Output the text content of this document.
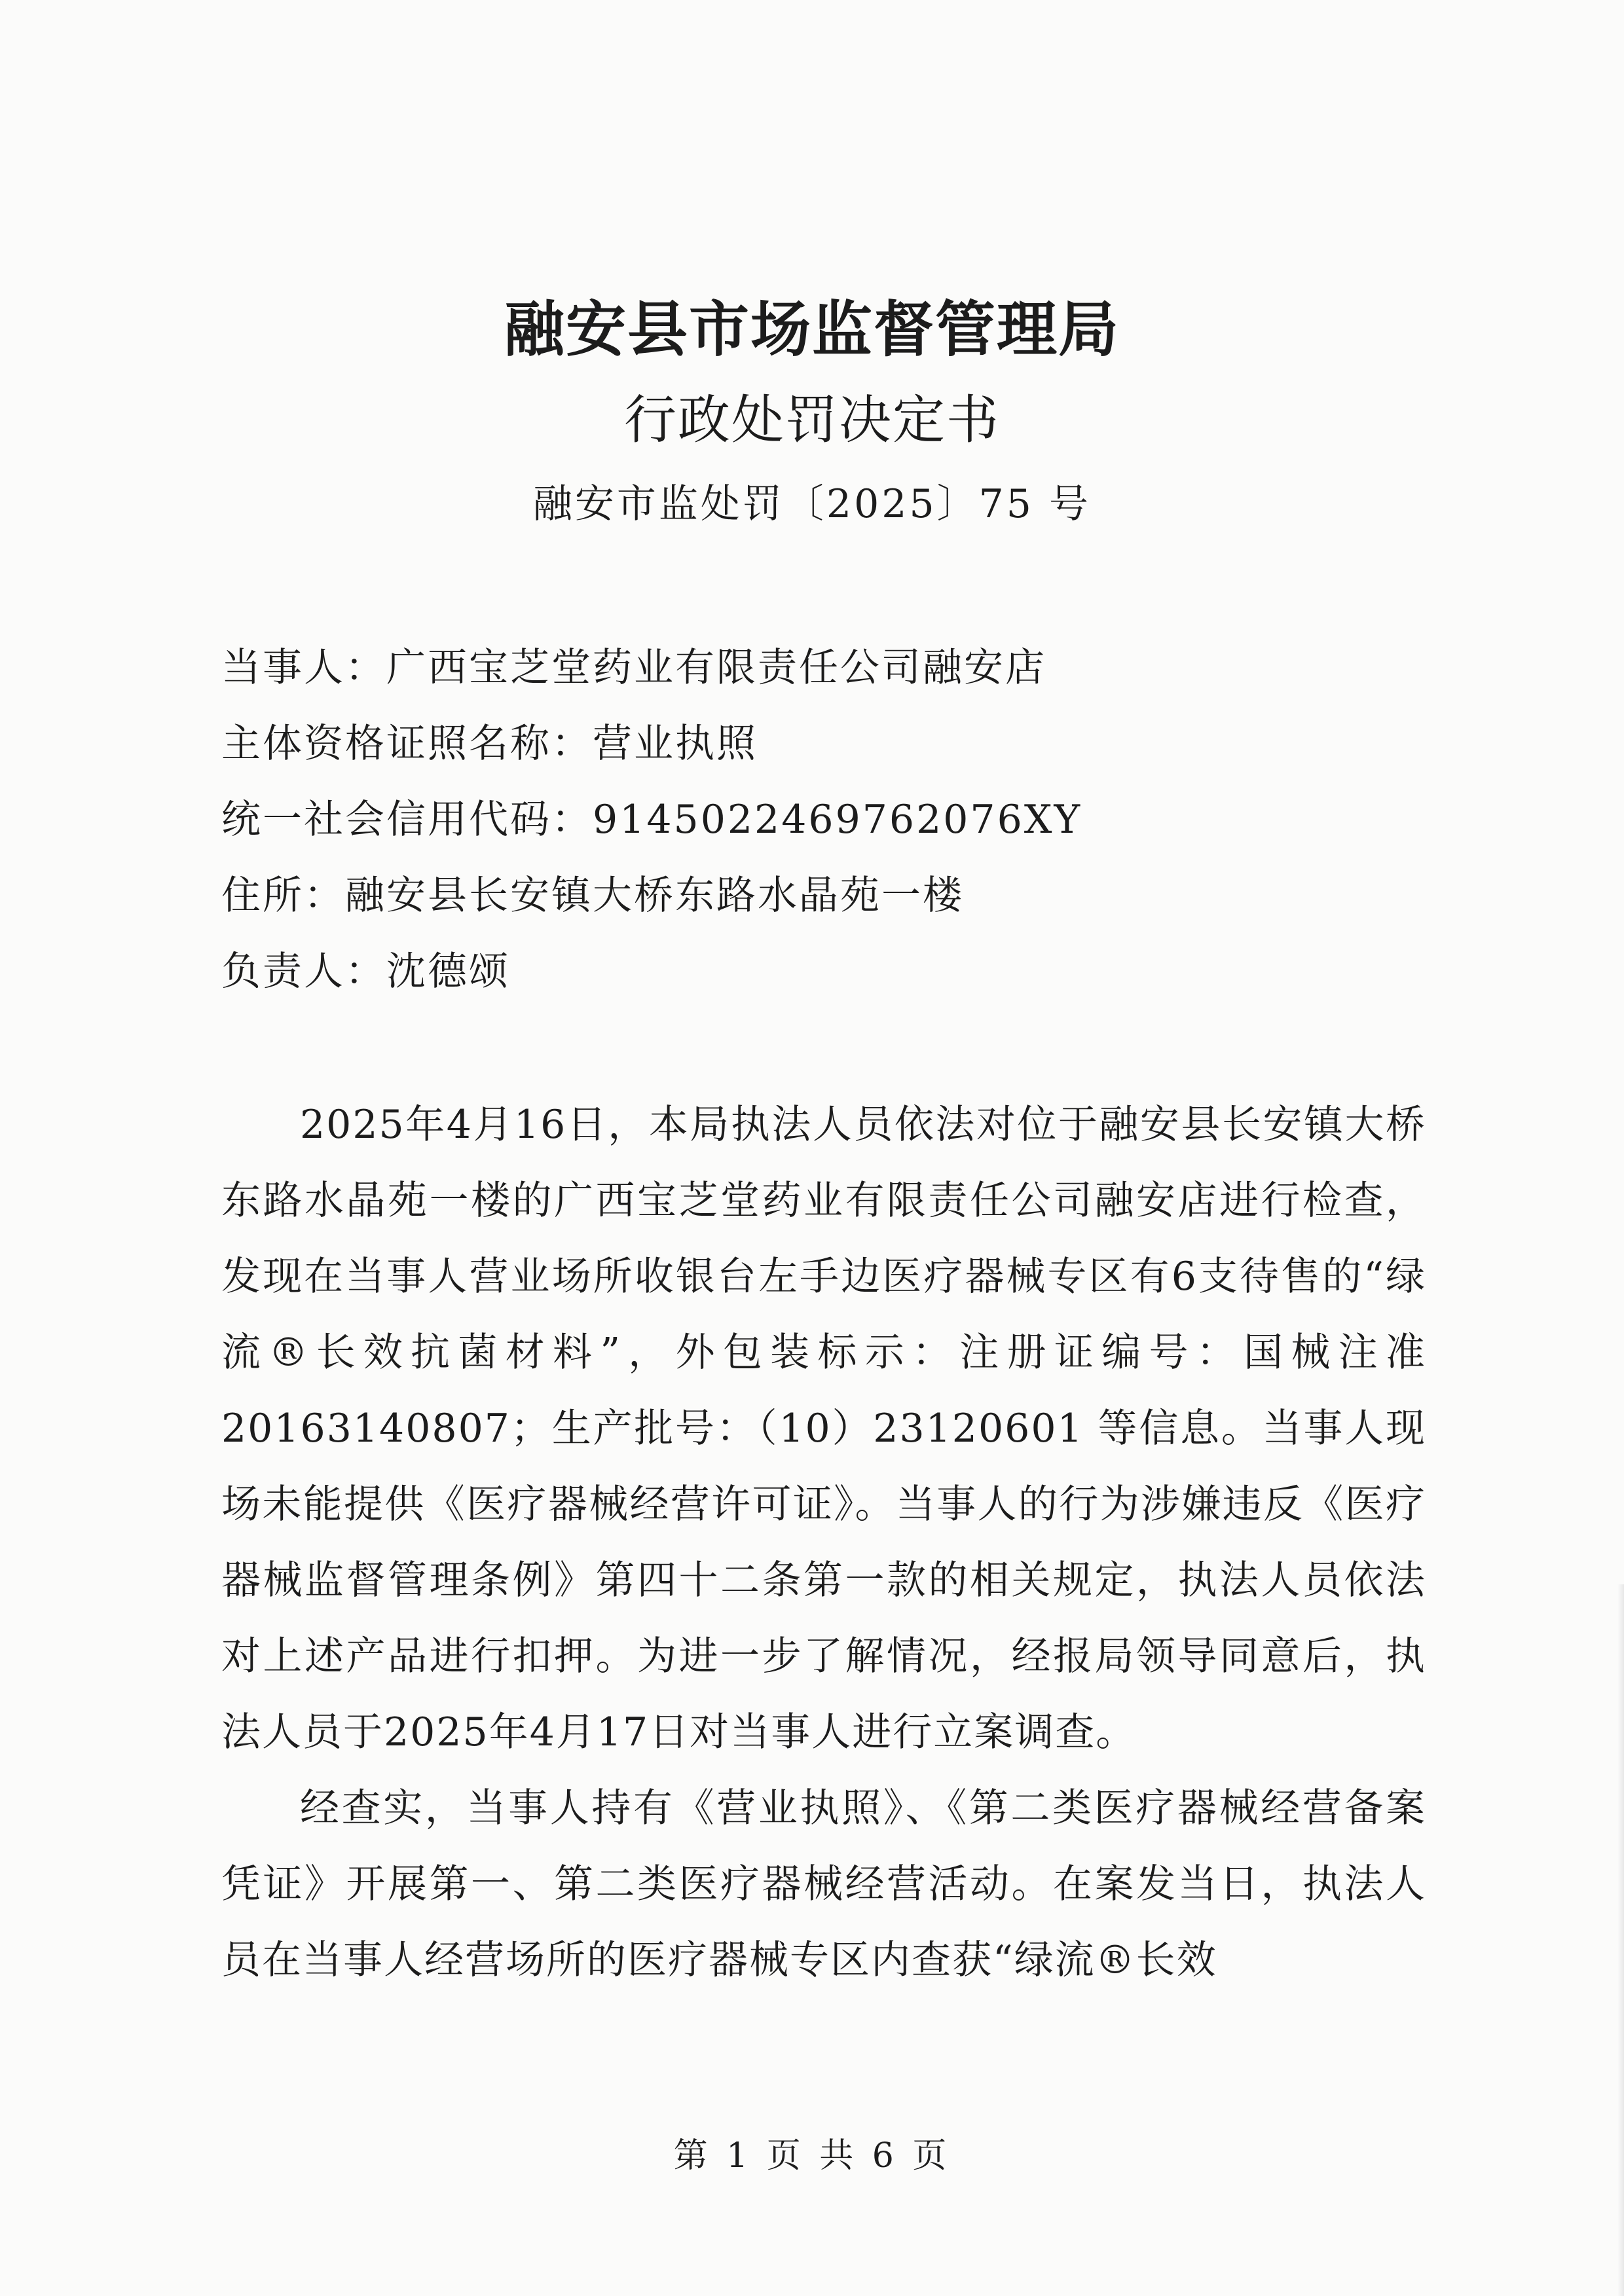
融安县市场监督管理局
行政处罚决定书
融安市监处罚〔2025〕75 号
当事人：广西宝芝堂药业有限责任公司融安店
主体资格证照名称：营业执照
统一社会信用代码：9145022469762076XY
住所：融安县长安镇大桥东路水晶苑一楼
负责人：沈德颂

2025年4月16日，本局执法人员依法对位于融安县长安镇大桥东路水晶苑一楼的广西宝芝堂药业有限责任公司融安店进行检查，发现在当事人营业场所收银台左手边医疗器械专区有6支待售的“绿流®长效抗菌材料”，外包装标示：注册证编号：国械注准20163140807；生产批号：（10）23120601 等信息。当事人现场未能提供《医疗器械经营许可证》。当事人的行为涉嫌违反《医疗器械监督管理条例》第四十二条第一款的相关规定，执法人员依法对上述产品进行扣押。为进一步了解情况，经报局领导同意后，执法人员于2025年4月17日对当事人进行立案调查。

经查实，当事人持有《营业执照》、《第二类医疗器械经营备案凭证》开展第一、第二类医疗器械经营活动。在案发当日，执法人员在当事人经营场所的医疗器械专区内查获“绿流®长效

第 1 页 共 6 页
